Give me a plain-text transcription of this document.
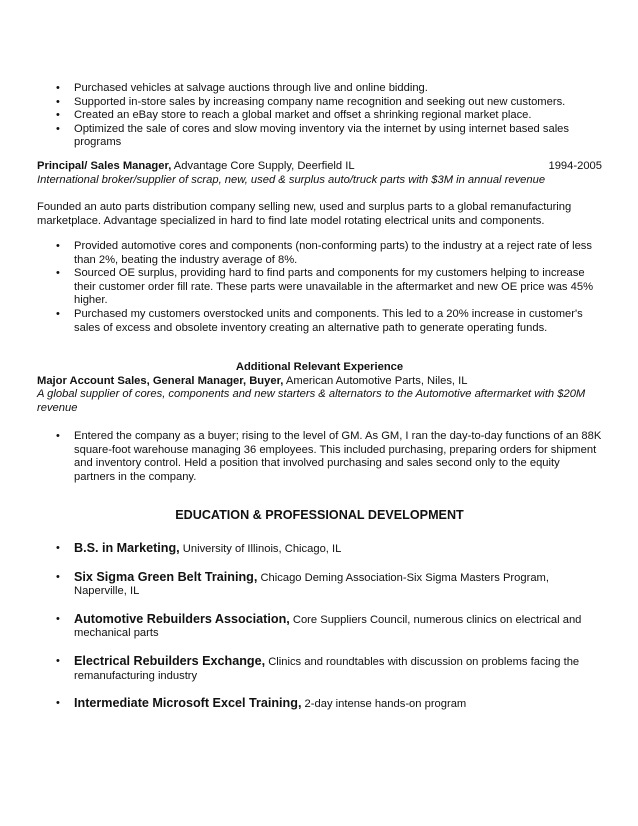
• Purchased vehicles at salvage auctions through live and online bidding.
• Supported in-store sales by increasing company name recognition and seeking out new customers.
• Created an eBay store to reach a global market and offset a shrinking regional market place.
• Optimized the sale of cores and slow moving inventory via the internet by using internet based sales programs
Principal/ Sales Manager, Advantage Core Supply, Deerfield IL	1994-2005
International broker/supplier of scrap, new, used & surplus auto/truck parts with $3M in annual revenue
Founded an auto parts distribution company selling new, used and surplus parts to a global remanufacturing marketplace. Advantage specialized in hard to find late model rotating electrical units and components.
• Provided automotive cores and components (non-conforming parts) to the industry at a reject rate of less than 2%, beating the industry average of 8%.
• Sourced OE surplus, providing hard to find parts and components for my customers helping to increase their customer order fill rate. These parts were unavailable in the aftermarket and new OE price was 45% higher.
• Purchased my customers overstocked units and components. This led to a 20% increase in customer's sales of excess and obsolete inventory creating an alternative path to generate operating funds.
Additional Relevant Experience
Major Account Sales, General Manager, Buyer, American Automotive Parts, Niles, IL
A global supplier of cores, components and new starters & alternators to the Automotive aftermarket with $20M revenue
• Entered the company as a buyer; rising to the level of GM. As GM, I ran the day-to-day functions of an 88K square-foot warehouse managing 36 employees. This included purchasing, preparing orders for shipment and inventory control. Held a position that involved purchasing and sales second only to the equity partners in the company.
EDUCATION & PROFESSIONAL DEVELOPMENT
• B.S. in Marketing, University of Illinois, Chicago, IL
• Six Sigma Green Belt Training, Chicago Deming Association-Six Sigma Masters Program, Naperville, IL
• Automotive Rebuilders Association, Core Suppliers Council, numerous clinics on electrical and mechanical parts
• Electrical Rebuilders Exchange, Clinics and roundtables with discussion on problems facing the remanufacturing industry
• Intermediate Microsoft Excel Training, 2-day intense hands-on program
